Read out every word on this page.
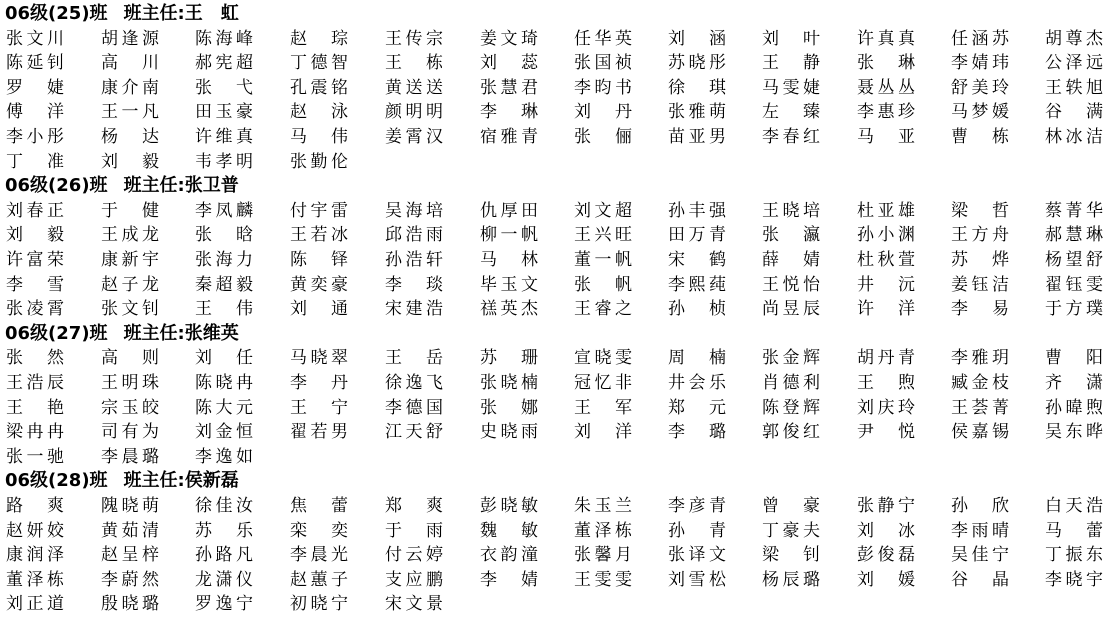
06级(25)班 班主任:王　虹
张文川 胡逢源 陈海峰 赵　琮 王传宗 姜文琦 任华英 刘　涵 刘　叶 许真真 任涵苏 胡尊杰
陈延钊 高　川 郝宪超 丁德智 王　栋 刘　蕊 张国祯 苏晓彤 王　静 张　琳 李婧玮 公泽远
罗　婕 康介南 张　弋 孔震铭 黄送送 张慧君 李昀书 徐　琪 马雯婕 聂丛丛 舒美玲 王轶旭
傅　洋 王一凡 田玉豪 赵　泳 颜明明 李　琳 刘　丹 张雅萌 左　臻 李惠珍 马梦媛 谷　满
李小彤 杨　达 许维真 马　伟 姜霄汉 宿雅青 张　俪 苗亚男 李春红 马　亚 曹　栋 林冰洁
丁　准 刘　毅 韦孝明 张勤伦
06级(26)班 班主任:张卫普
刘春正 于　健 李凤麟 付宇雷 吴海培 仇厚田 刘文超 孙丰强 王晓培 杜亚雄 梁　哲 蔡菁华
刘　毅 王成龙 张　晗 王若冰 邱浩雨 柳一帆 王兴旺 田万青 张　瀛 孙小渊 王方舟 郝慧琳
许富荣 康新宇 张海力 陈　铎 孙浩轩 马　林 董一帆 宋　鹤 薛　婧 杜秋萱 苏　烨 杨望舒
李　雪 赵子龙 秦超毅 黄奕豪 李　琰 毕玉文 张　帆 李熙莼 王悦怡 井　沅 姜钰洁 翟钰雯
张凌霄 张文钊 王　伟 刘　通 宋建浩 禚英杰 王睿之 孙　桢 尚昱辰 许　洋 李　易 于方璞
06级(27)班 班主任:张维英
张　然 高　则 刘　任 马晓翠 王　岳 苏　珊 宣晓雯 周　楠 张金辉 胡丹青 李雅玥 曹　阳
王浩辰 王明珠 陈晓冉 李　丹 徐逸飞 张晓楠 冠忆非 井会乐 肖德利 王　煦 臧金枝 齐　潇
王　艳 宗玉皎 陈大元 王　宁 李德国 张　娜 王　军 郑　元 陈登辉 刘庆玲 王荟菁 孙暐煦
梁冉冉 司有为 刘金恒 翟若男 江天舒 史晓雨 刘　洋 李　璐 郭俊红 尹　悦 侯嘉锡 吴东晔
张一驰 李晨璐 李逸如
06级(28)班 班主任:侯新磊
路　爽 隗晓萌 徐佳汝 焦　蕾 郑　爽 彭晓敏 朱玉兰 李彦青 曾　豪 张静宁 孙　欣 白天浩
赵妍姣 黄茹清 苏　乐 栾　奕 于　雨 魏　敏 董泽栋 孙　青 丁豪夫 刘　冰 李雨晴 马　蕾
康润泽 赵呈梓 孙路凡 李晨光 付云婷 衣韵潼 张馨月 张译文 梁　钊 彭俊磊 吴佳宁 丁振东
董泽栋 李蔚然 龙潇仪 赵蕙子 支应鹏 李　婧 王雯雯 刘雪松 杨辰璐 刘　媛 谷　晶 李晓宇
刘正道 殷晓璐 罗逸宁 初晓宁 宋文景
